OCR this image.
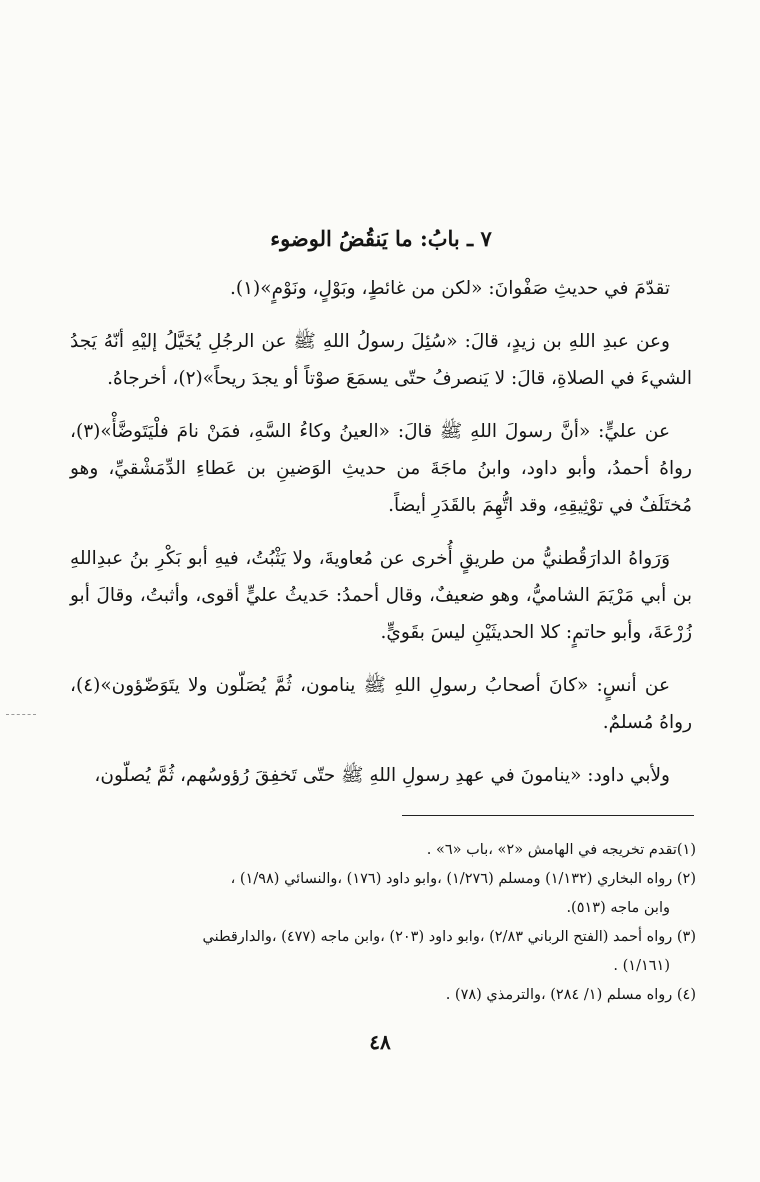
٧ ـ بابُ: ما يَنقُضُ الوضوء

تقدّمَ في حديثِ صَفْوانَ: «لكن من غائطٍ، وبَوْلٍ، ونَوْمٍ»(١).

وعن عبدِ اللهِ بن زيدٍ، قالَ: «سُئِلَ رسولُ اللهِ ﷺ عن الرجُلِ يُخَيَّلُ إليْهِ أنّهُ يَجدُ الشيءَ في الصلاةِ، قالَ: لا يَنصرفُ حتّى يسمَعَ صوْتاً أو يجدَ ريحاً»(٢)، أخرجاهُ.

عن عليٍّ: «أنَّ رسولَ اللهِ ﷺ قالَ: «العينُ وكاءُ السَّهِ، فمَنْ نامَ فلْيَتَوضَّأْ»(٣)، رواهُ أحمدُ، وأبو داود، وابنُ ماجَةَ من حديثِ الوَضينِ بن عَطاءِ الدِّمَشْقيِّ، وهو مُختَلَفٌ في توْثِيقِهِ، وقد اتُّهِمَ بالقَدَرِ أيضاً.

وَرَواهُ الدارَقُطنيُّ من طريقٍ أُخرى عن مُعاويةَ، ولا يَثْبُتُ، فيهِ أبو بَكْرِ بنُ عبدِاللهِ بن أبي مَرْيَمَ الشاميُّ، وهو ضعيفٌ، وقال أحمدُ: حَديثُ عليٍّ أقوى، وأثبتُ، وقالَ أبو زُرْعَةَ، وأبو حاتمٍ: كلا الحديثَيْنِ ليسَ بقَويٍّ.

عن أنسٍ: «كانَ أصحابُ رسولِ اللهِ ﷺ ينامون، ثُمَّ يُصَلّون ولا يتَوَضّؤون»(٤)، رواهُ مُسلمٌ.

ولأبي داود: «ينامونَ في عهدِ رسولِ اللهِ ﷺ حتّى تَخفِقَ رُؤوسُهم، ثُمَّ يُصلّون،

(١)تقدم تخريجه في الهامش «٢» ،باب «٦» .

(٢) رواه البخاري (١/١٣٢) ومسلم (١/٢٧٦) ،وابو داود (١٧٦) ،والنسائي (١/٩٨) ،

وابن ماجه (٥١٣).

(٣) رواه أحمد (الفتح الرباني ٢/٨٣) ،وابو داود (٢٠٣) ،وابن ماجه (٤٧٧) ،والدارقطني

(١/١٦١) .

(٤) رواه مسلم (١/ ٢٨٤) ،والترمذي (٧٨) .

٤٨
